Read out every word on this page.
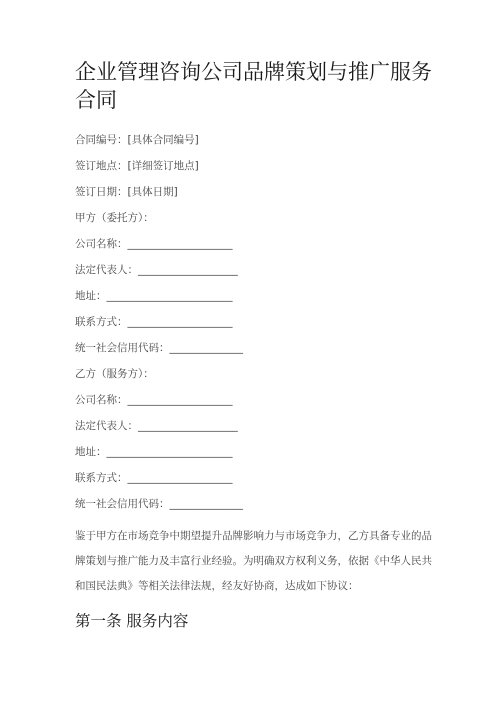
企业管理咨询公司品牌策划与推广服务合同
合同编号：[具体合同编号]
签订地点：[详细签订地点]
签订日期：[具体日期]
甲方（委托方）：
公司名称：____________________
法定代表人：___________________
地址：________________________
联系方式：____________________
统一社会信用代码：______________
乙方（服务方）：
公司名称：____________________
法定代表人：___________________
地址：________________________
联系方式：____________________
统一社会信用代码：______________

鉴于甲方在市场竞争中期望提升品牌影响力与市场竞争力，乙方具备专业的品牌策划与推广能力及丰富行业经验。为明确双方权利义务，依据《中华人民共和国民法典》等相关法律法规，经友好协商，达成如下协议：

第一条 服务内容
